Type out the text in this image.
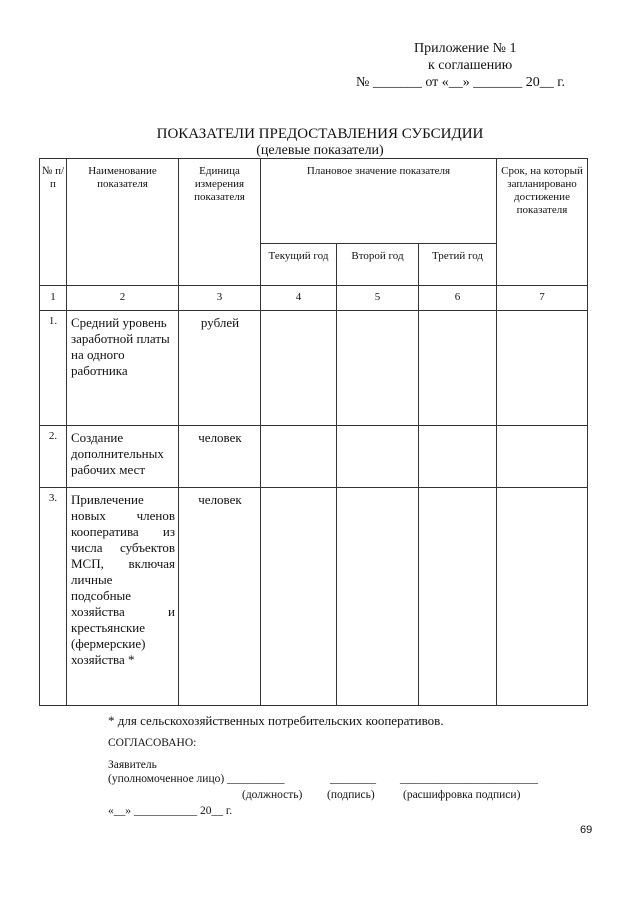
Приложение № 1
к соглашению
№ _______ от «__» _______ 20__ г.
ПОКАЗАТЕЛИ ПРЕДОСТАВЛЕНИЯ СУБСИДИИ
(целевые показатели)
№ п/п	Наименование показателя	Единица измерения показателя	Плановое значение показателя			Срок, на который запланировано достижение показателя
			Текущий год	Второй год	Третий год	
1	2	3	4	5	6	7
1.	Средний уровень заработной платы на одного работника	рублей				
2.	Создание дополнительных рабочих мест	человек				
3.	Привлечение новых членов кооператива из числа субъектов МСП, включая личные подсобные хозяйства и крестьянские (фермерские) хозяйства *	человек				
* для сельскохозяйственных потребительских кооперативов.
СОГЛАСОВАНО:
Заявитель
(уполномоченное лицо) __________	________ ________________________
(должность) (подпись) (расшифровка подписи)
«__» ___________ 20__ г.
69
